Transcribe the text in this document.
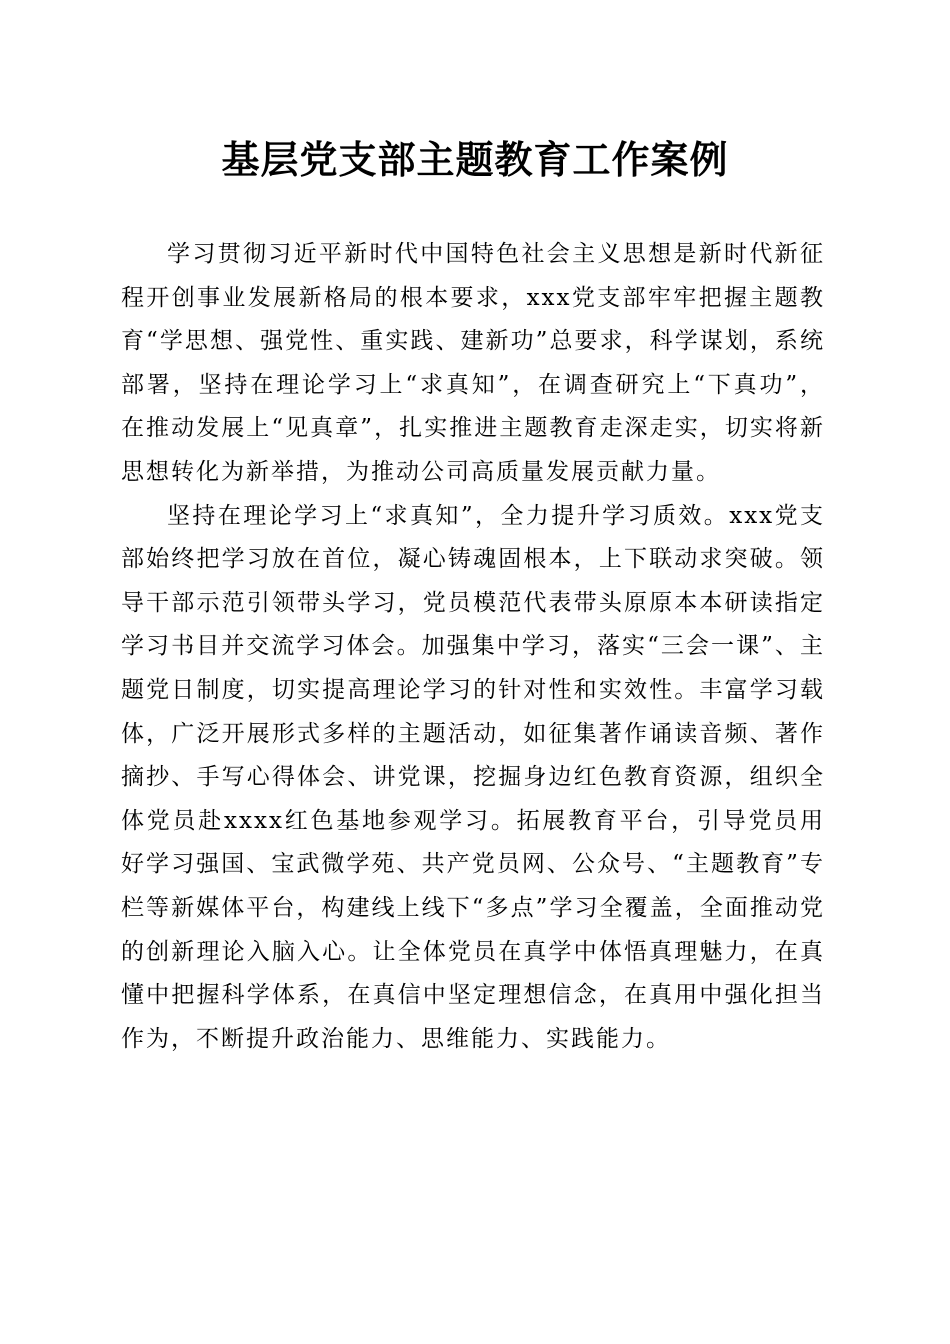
基层党支部主题教育工作案例

学习贯彻习近平新时代中国特色社会主义思想是新时代新征程开创事业发展新格局的根本要求，xxx党支部牢牢把握主题教育“学思想、强党性、重实践、建新功”总要求，科学谋划，系统部署，坚持在理论学习上“求真知”，在调查研究上“下真功”，在推动发展上“见真章”，扎实推进主题教育走深走实，切实将新思想转化为新举措，为推动公司高质量发展贡献力量。

坚持在理论学习上“求真知”，全力提升学习质效。xxx党支部始终把学习放在首位，凝心铸魂固根本，上下联动求突破。领导干部示范引领带头学习，党员模范代表带头原原本本研读指定学习书目并交流学习体会。加强集中学习，落实“三会一课”、主题党日制度，切实提高理论学习的针对性和实效性。丰富学习载体，广泛开展形式多样的主题活动，如征集著作诵读音频、著作摘抄、手写心得体会、讲党课，挖掘身边红色教育资源，组织全体党员赴xxxx红色基地参观学习。拓展教育平台，引导党员用好学习强国、宝武微学苑、共产党员网、公众号、“主题教育”专栏等新媒体平台，构建线上线下“多点”学习全覆盖，全面推动党的创新理论入脑入心。让全体党员在真学中体悟真理魅力，在真懂中把握科学体系，在真信中坚定理想信念，在真用中强化担当作为，不断提升政治能力、思维能力、实践能力。
